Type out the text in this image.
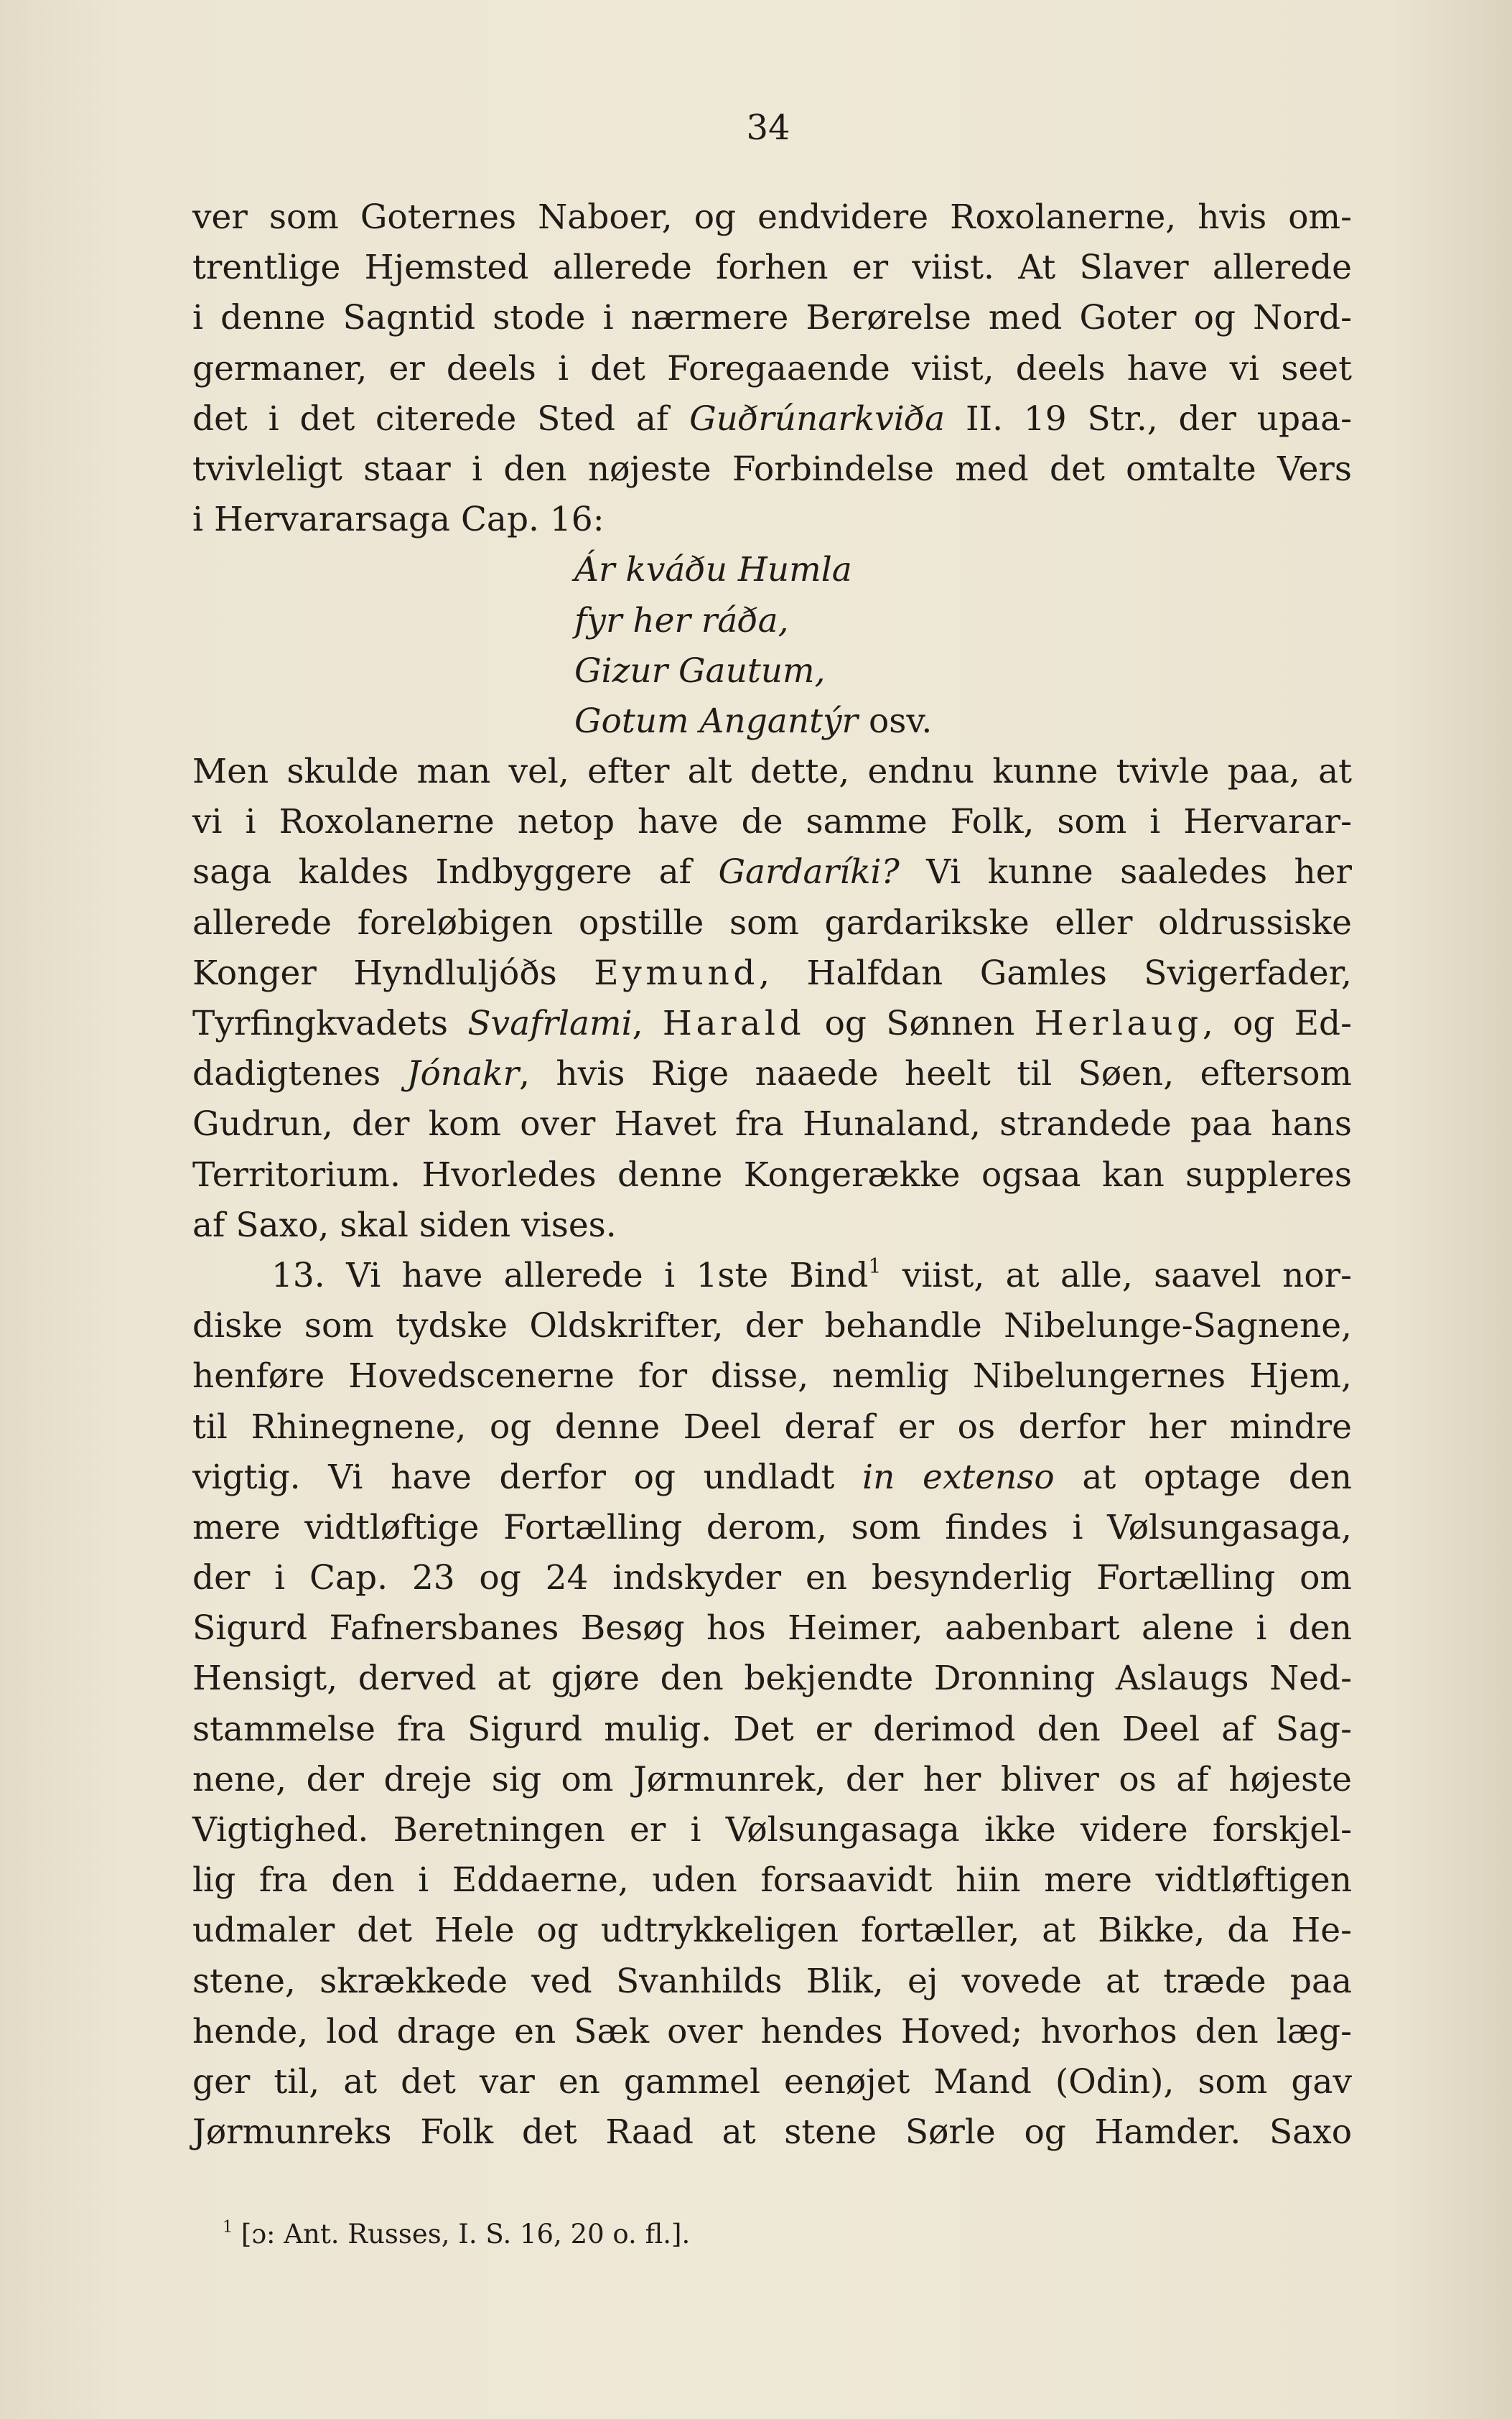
34
ver som Goternes Naboer, og endvidere Roxolanerne, hvis om-
trentlige Hjemsted allerede forhen er viist. At Slaver allerede
i denne Sagntid stode i nærmere Berørelse med Goter og Nord-
germaner, er deels i det Foregaaende viist, deels have vi seet
det i det citerede Sted af Guðrúnarkviða II. 19 Str., der upaa-
tvivleligt staar i den nøjeste Forbindelse med det omtalte Vers
i Hervararsaga Cap. 16:
Ár kváðu Humla
fyr her ráða,
Gizur Gautum,
Gotum Angantýr osv.
Men skulde man vel, efter alt dette, endnu kunne tvivle paa, at
vi i Roxolanerne netop have de samme Folk, som i Hervarar-
saga kaldes Indbyggere af Gardaríki? Vi kunne saaledes her
allerede foreløbigen opstille som gardarikske eller oldrussiske
Konger Hyndluljóðs Eymund, Halfdan Gamles Svigerfader,
Tyrfingkvadets Svafrlami, Harald og Sønnen Herlaug, og Ed-
dadigtenes Jónakr, hvis Rige naaede heelt til Søen, eftersom
Gudrun, der kom over Havet fra Hunaland, strandede paa hans
Territorium. Hvorledes denne Kongerække ogsaa kan suppleres
af Saxo, skal siden vises.
13. Vi have allerede i 1ste Bind$^1$ viist, at alle, saavel nor-
diske som tydske Oldskrifter, der behandle Nibelunge-Sagnene,
henføre Hovedscenerne for disse, nemlig Nibelungernes Hjem,
til Rhinegnene, og denne Deel deraf er os derfor her mindre
vigtig. Vi have derfor og undladt in extenso at optage den
mere vidtløftige Fortælling derom, som findes i Vølsungasaga,
der i Cap. 23 og 24 indskyder en besynderlig Fortælling om
Sigurd Fafnersbanes Besøg hos Heimer, aabenbart alene i den
Hensigt, derved at gjøre den bekjendte Dronning Aslaugs Ned-
stammelse fra Sigurd mulig. Det er derimod den Deel af Sag-
nene, der dreje sig om Jørmunrek, der her bliver os af højeste
Vigtighed. Beretningen er i Vølsungasaga ikke videre forskjel-
lig fra den i Eddaerne, uden forsaavidt hiin mere vidtløftigen
udmaler det Hele og udtrykkeligen fortæller, at Bikke, da He-
stene, skrækkede ved Svanhilds Blik, ej vovede at træde paa
hende, lod drage en Sæk over hendes Hoved; hvorhos den læg-
ger til, at det var en gammel eenøjet Mand (Odin), som gav
Jørmunreks Folk det Raad at stene Sørle og Hamder. Saxo
$^1$ [ɔ: Ant. Russes, I. S. 16, 20 o. fl.].
